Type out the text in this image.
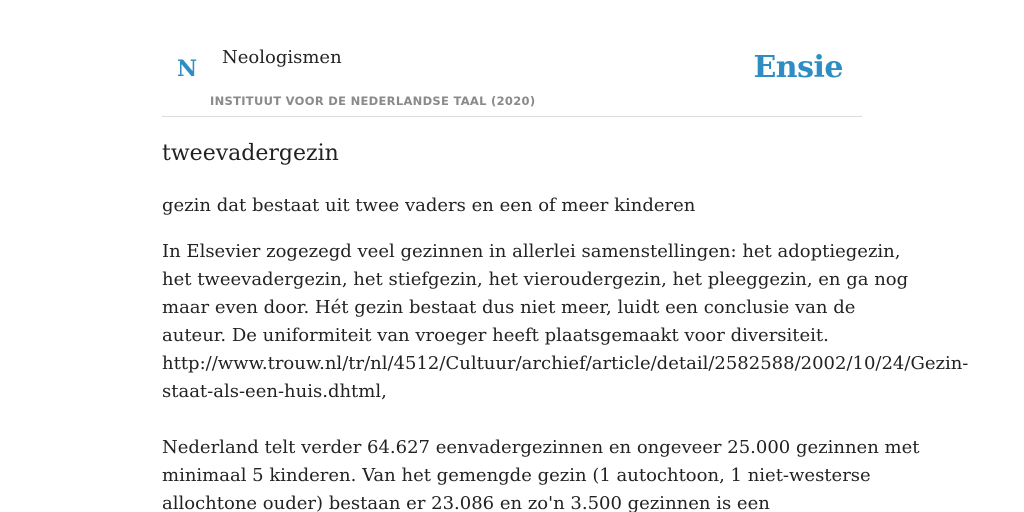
N Neologismen
INSTITUUT VOOR DE NEDERLANDSE TAAL (2020)
Ensie
tweevadergezin

gezin dat bestaat uit twee vaders en een of meer kinderen

In Elsevier zogezegd veel gezinnen in allerlei samenstellingen: het adoptiegezin,
het tweevadergezin, het stiefgezin, het vieroudergezin, het pleeggezin, en ga nog
maar even door. Hét gezin bestaat dus niet meer, luidt een conclusie van de
auteur. De uniformiteit van vroeger heeft plaatsgemaakt voor diversiteit.
http://www.trouw.nl/tr/nl/4512/Cultuur/archief/article/detail/2582588/2002/10/24/Gezin-
staat-als-een-huis.dhtml,

Nederland telt verder 64.627 eenvadergezinnen en ongeveer 25.000 gezinnen met
minimaal 5 kinderen. Van het gemengde gezin (1 autochtoon, 1 niet-westerse
allochtone ouder) bestaan er 23.086 en zo'n 3.500 gezinnen is een
